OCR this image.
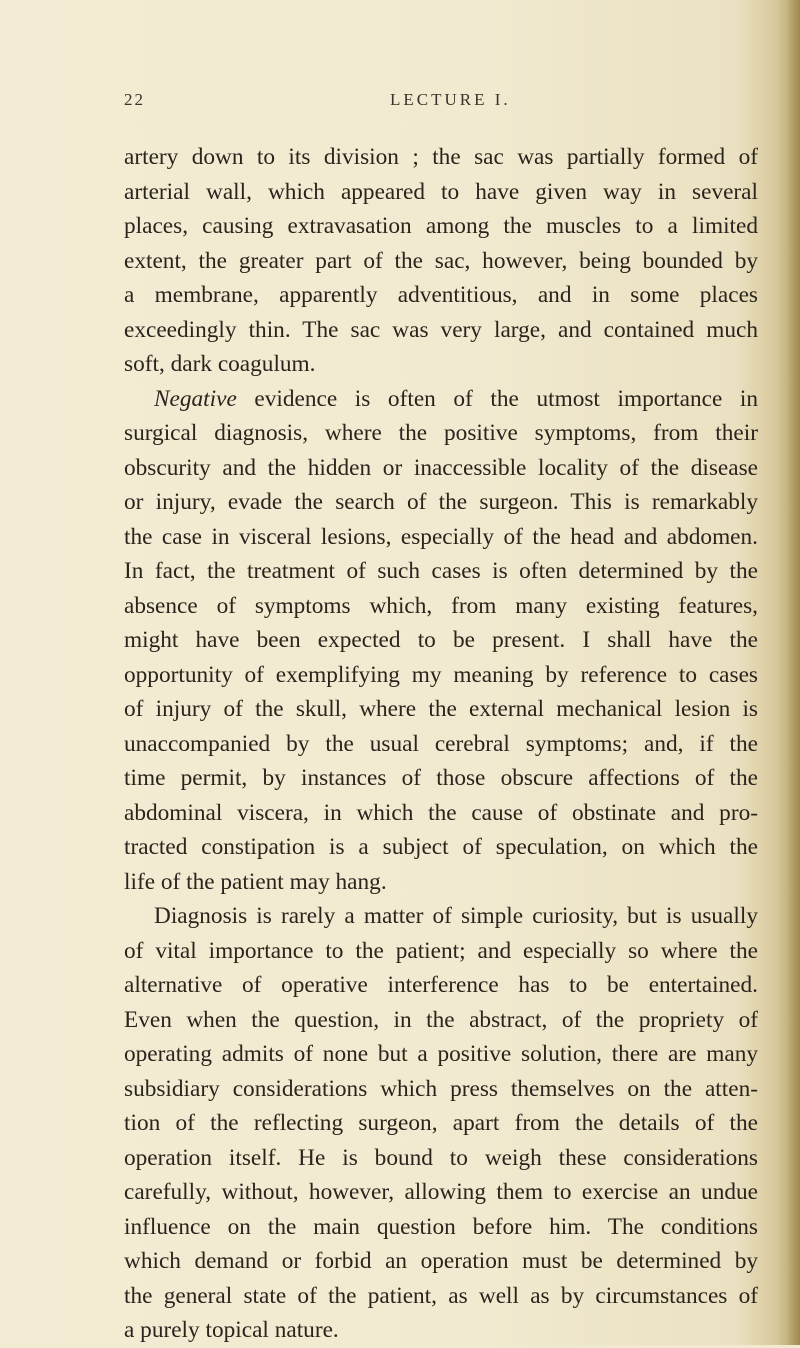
22	LECTURE I.
artery down to its division ; the sac was partially formed of
arterial wall, which appeared to have given way in several
places, causing extravasation among the muscles to a limited
extent, the greater part of the sac, however, being bounded by
a membrane, apparently adventitious, and in some places
exceedingly thin. The sac was very large, and contained much
soft, dark coagulum.
Negative evidence is often of the utmost importance in
surgical diagnosis, where the positive symptoms, from their
obscurity and the hidden or inaccessible locality of the disease
or injury, evade the search of the surgeon. This is remarkably
the case in visceral lesions, especially of the head and abdomen.
In fact, the treatment of such cases is often determined by the
absence of symptoms which, from many existing features,
might have been expected to be present. I shall have the
opportunity of exemplifying my meaning by reference to cases
of injury of the skull, where the external mechanical lesion is
unaccompanied by the usual cerebral symptoms; and, if the
time permit, by instances of those obscure affections of the
abdominal viscera, in which the cause of obstinate and pro-
tracted constipation is a subject of speculation, on which the
life of the patient may hang.
Diagnosis is rarely a matter of simple curiosity, but is usually
of vital importance to the patient; and especially so where the
alternative of operative interference has to be entertained.
Even when the question, in the abstract, of the propriety of
operating admits of none but a positive solution, there are many
subsidiary considerations which press themselves on the atten-
tion of the reflecting surgeon, apart from the details of the
operation itself. He is bound to weigh these considerations
carefully, without, however, allowing them to exercise an undue
influence on the main question before him. The conditions
which demand or forbid an operation must be determined by
the general state of the patient, as well as by circumstances of
a purely topical nature.
